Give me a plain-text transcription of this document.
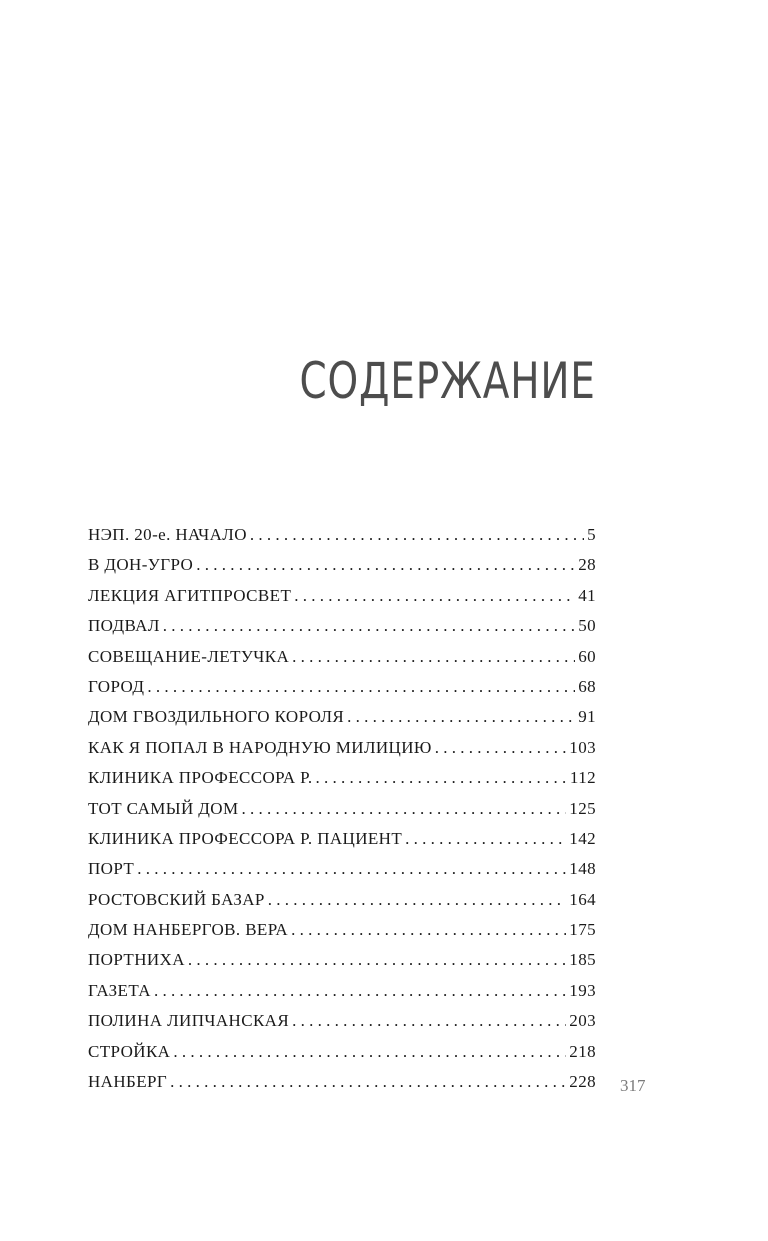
СОДЕРЖАНИЕ
НЭП. 20-е. НАЧАЛО . . .	5
В ДОН-УГРО . . .	28
ЛЕКЦИЯ АГИТПРОСВЕТ . . .	41
ПОДВАЛ . . .	50
СОВЕЩАНИЕ-ЛЕТУЧКА . . .	60
ГОРОД . . .	68
ДОМ ГВОЗДИЛЬНОГО КОРОЛЯ . . .	91
КАК Я ПОПАЛ В НАРОДНУЮ МИЛИЦИЮ . . .	103
КЛИНИКА ПРОФЕССОРА Р. . . .	112
ТОТ САМЫЙ ДОМ . . .	125
КЛИНИКА ПРОФЕССОРА Р. ПАЦИЕНТ . . .	142
ПОРТ . . .	148
РОСТОВСКИЙ БАЗАР . . .	164
ДОМ НАНБЕРГОВ. ВЕРА . . .	175
ПОРТНИХА . . .	185
ГАЗЕТА . . .	193
ПОЛИНА ЛИПЧАНСКАЯ . . .	203
СТРОЙКА . . .	218
НАНБЕРГ . . .	228 317
